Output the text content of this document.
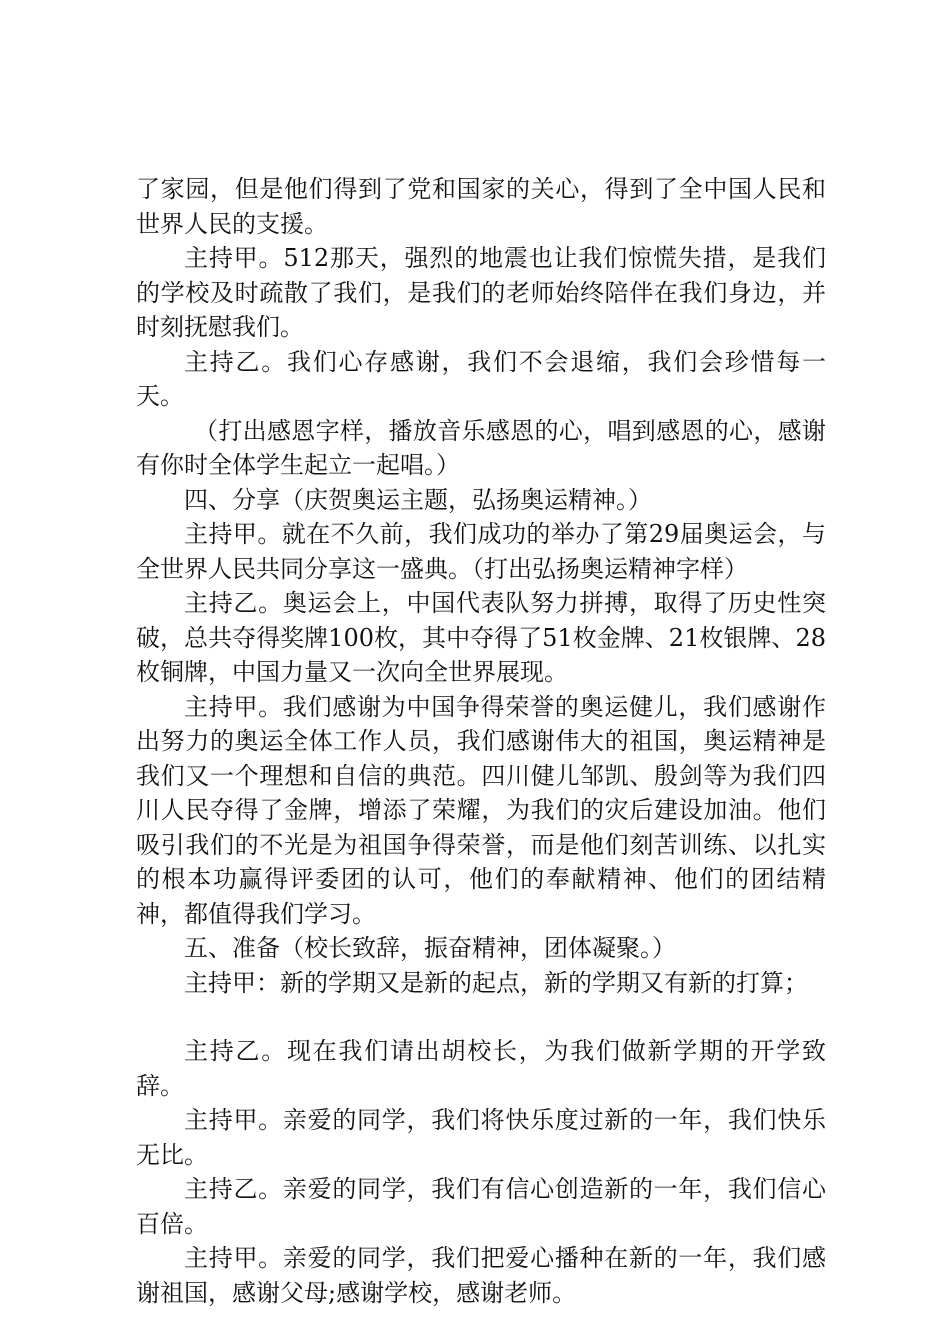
了家园，但是他们得到了党和国家的关心，得到了全中国人民和世界人民的支援。

主持甲。512那天，强烈的地震也让我们惊慌失措，是我们的学校及时疏散了我们，是我们的老师始终陪伴在我们身边，并时刻抚慰我们。

主持乙。我们心存感谢，我们不会退缩，我们会珍惜每一天。

（打出感恩字样，播放音乐感恩的心，唱到感恩的心，感谢有你时全体学生起立一起唱。）

四、分享（庆贺奥运主题，弘扬奥运精神。）

主持甲。就在不久前，我们成功的举办了第29届奥运会，与全世界人民共同分享这一盛典。（打出弘扬奥运精神字样）

主持乙。奥运会上，中国代表队努力拼搏，取得了历史性突破，总共夺得奖牌100枚，其中夺得了51枚金牌、21枚银牌、28枚铜牌，中国力量又一次向全世界展现。

主持甲。我们感谢为中国争得荣誉的奥运健儿，我们感谢作出努力的奥运全体工作人员，我们感谢伟大的祖国，奥运精神是我们又一个理想和自信的典范。四川健儿邹凯、殷剑等为我们四川人民夺得了金牌，增添了荣耀，为我们的灾后建设加油。他们吸引我们的不光是为祖国争得荣誉，而是他们刻苦训练、以扎实的根本功赢得评委团的认可，他们的奉献精神、他们的团结精神，都值得我们学习。

五、准备（校长致辞，振奋精神，团体凝聚。）

主持甲：新的学期又是新的起点，新的学期又有新的打算；

主持乙。现在我们请出胡校长，为我们做新学期的开学致辞。

主持甲。亲爱的同学，我们将快乐度过新的一年，我们快乐无比。

主持乙。亲爱的同学，我们有信心创造新的一年，我们信心百倍。

主持甲。亲爱的同学，我们把爱心播种在新的一年，我们感谢祖国，感谢父母;感谢学校，感谢老师。
